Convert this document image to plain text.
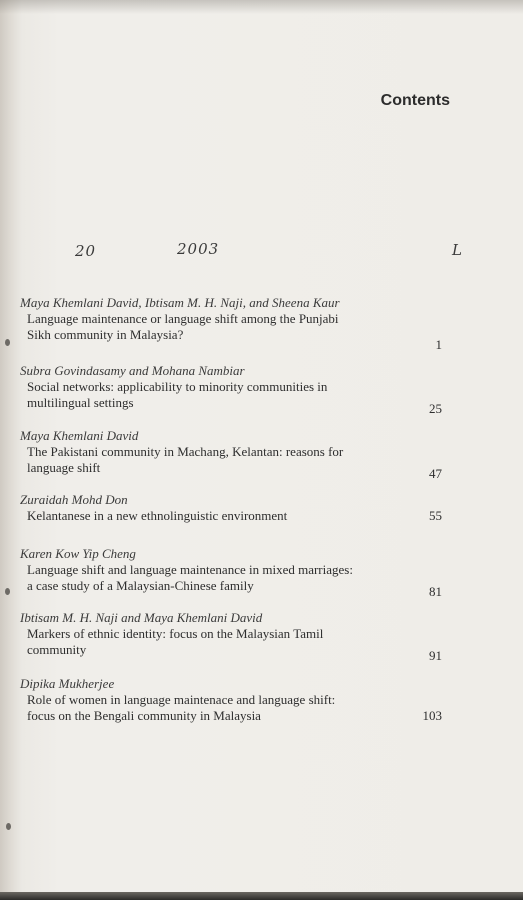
Contents
20	2003	L

Maya Khemlani David, Ibtisam M. H. Naji, and Sheena Kaur

Language maintenance or language shift among the Punjabi

Sikh community in Malaysia?

1

Subra Govindasamy and Mohana Nambiar

Social networks: applicability to minority communities in

multilingual settings	25

Maya Khemlani David

The Pakistani community in Machang, Kelantan: reasons for

language shift	47

Zuraidah Mohd Don

Kelantanese in a new ethnolinguistic environment	55

Karen Kow Yip Cheng

Language shift and language maintenance in mixed marriages:

a case study of a Malaysian-Chinese family	81

Ibtisam M. H. Naji and Maya Khemlani David

Markers of ethnic identity: focus on the Malaysian Tamil

community	91

Dipika Mukherjee

Role of women in language maintenace and language shift:

focus on the Bengali community in Malaysia	103
